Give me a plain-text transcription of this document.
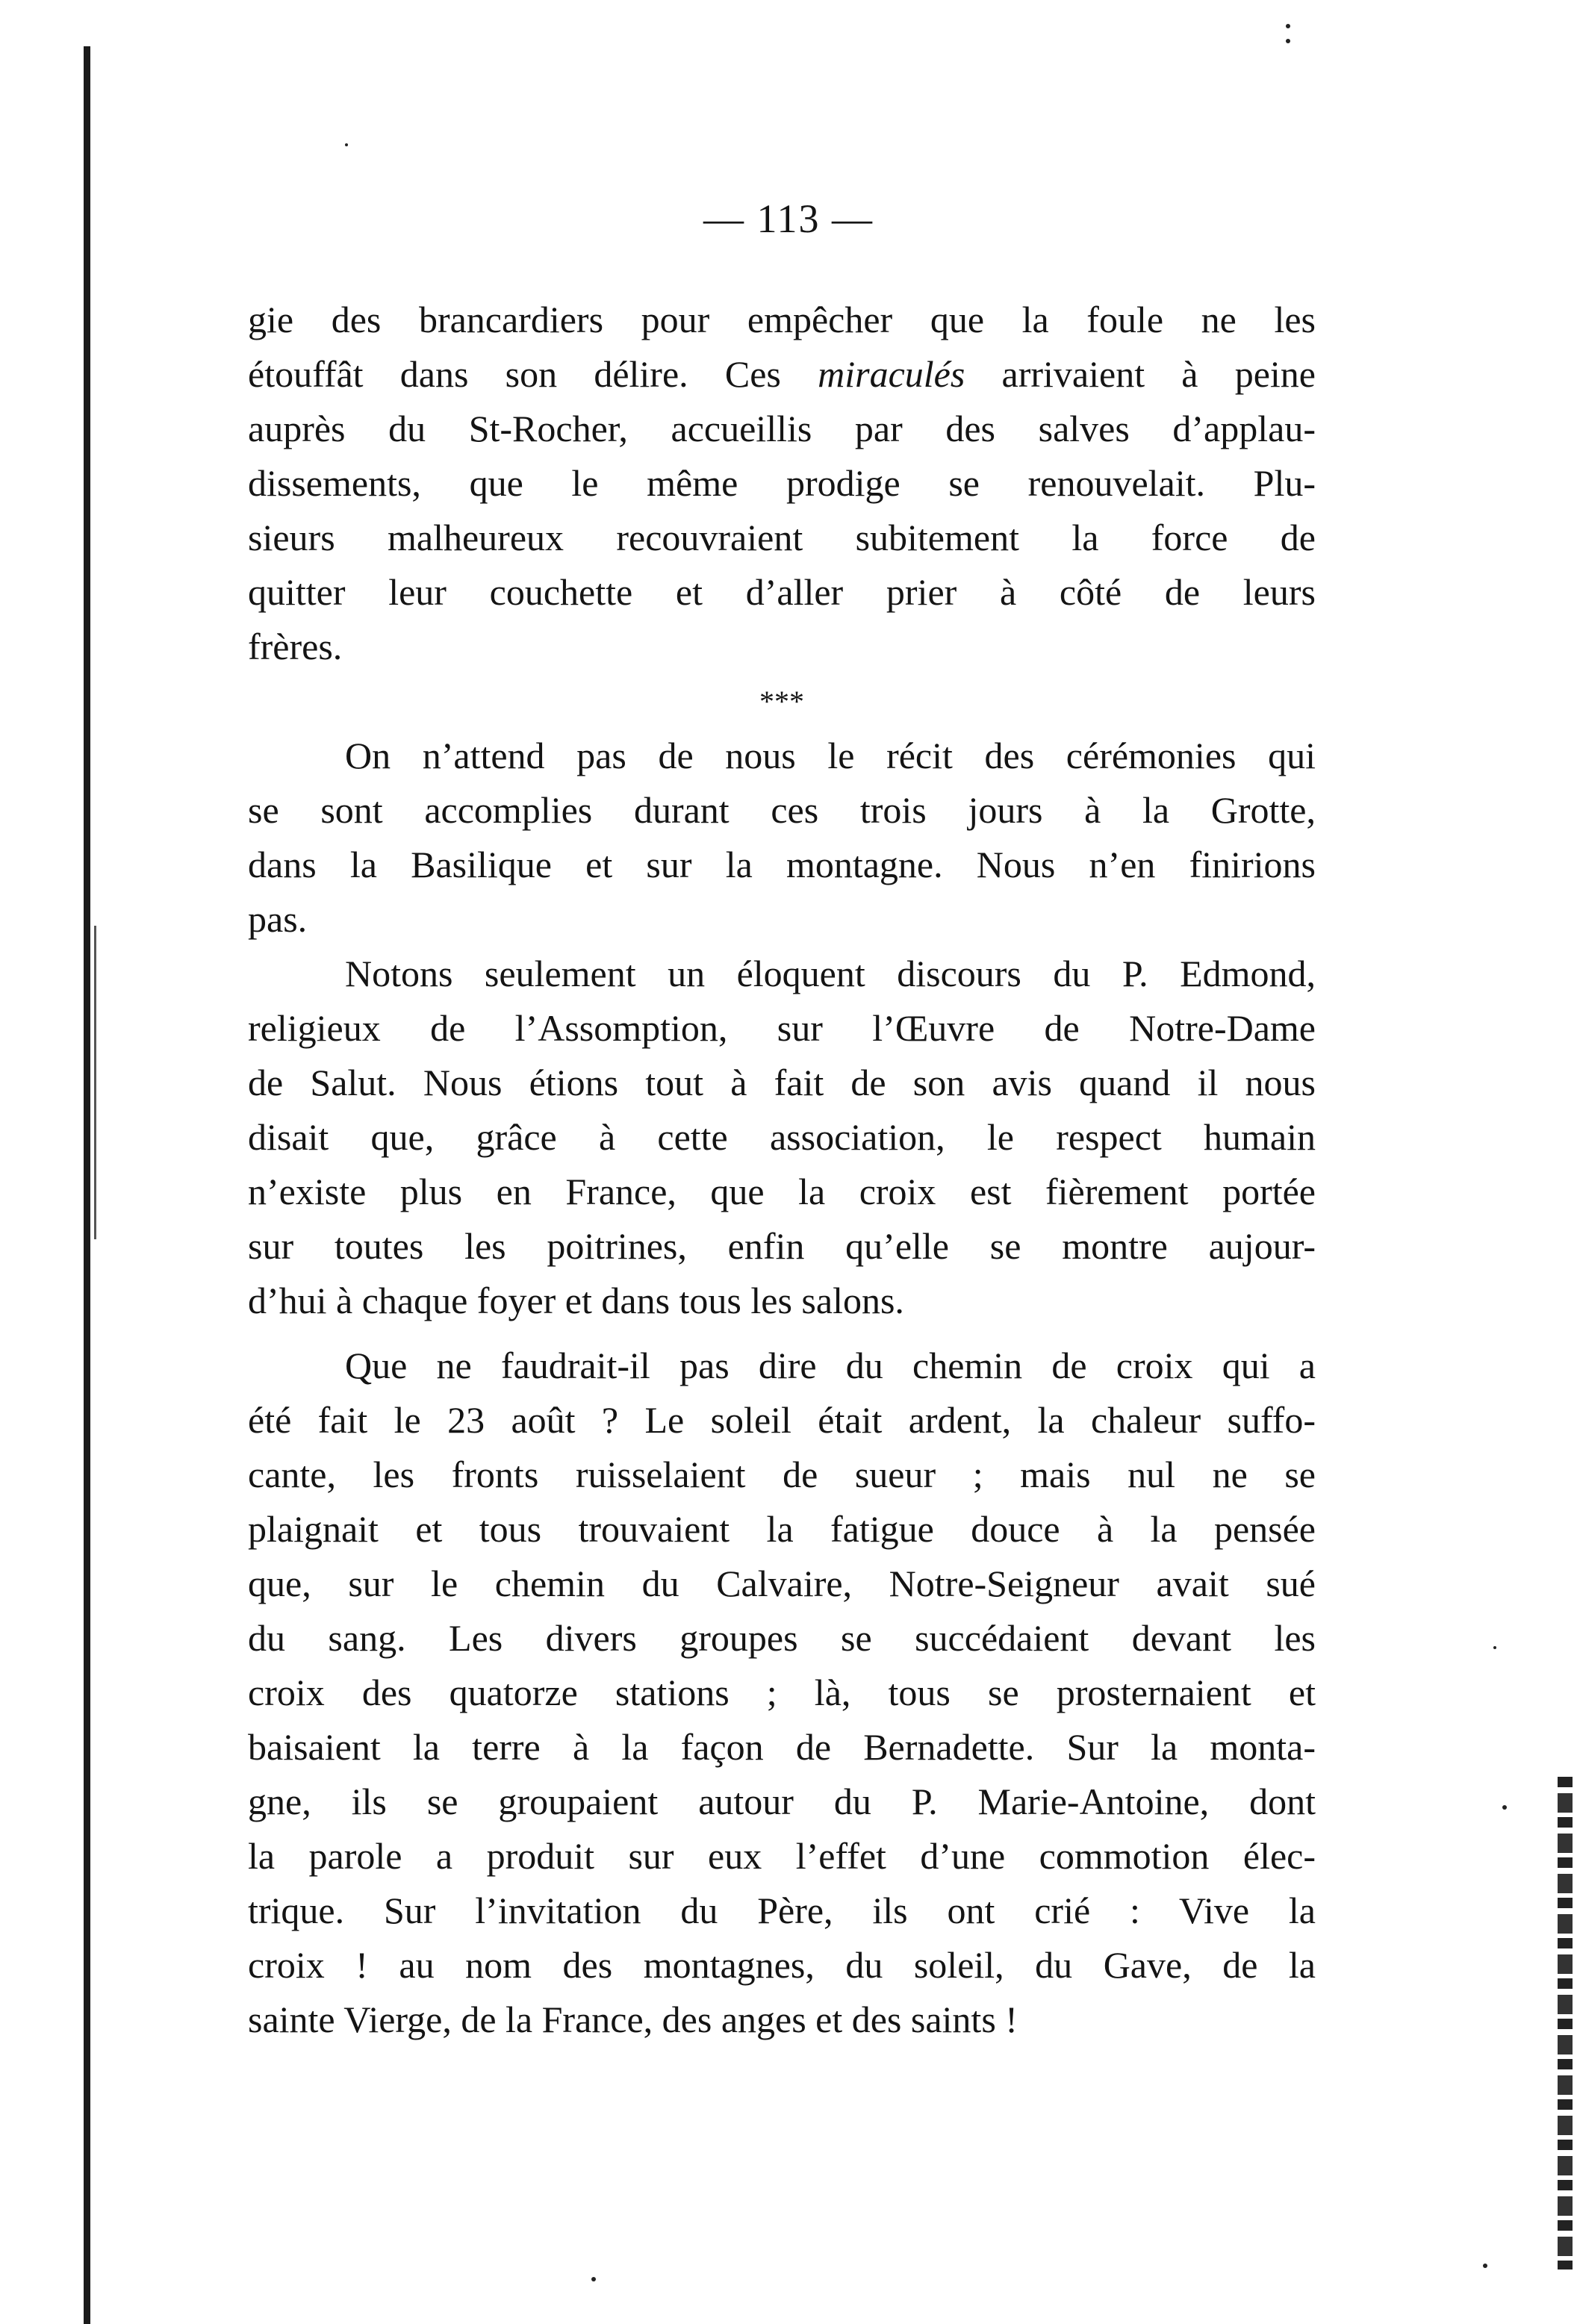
— 113 —
gie des brancardiers pour empêcher que la foule ne les
étouffât dans son délire. Ces miraculés arrivaient à peine
auprès du St-Rocher, accueillis par des salves d’applau-
dissements, que le même prodige se renouvelait. Plu-
sieurs malheureux recouvraient subitement la force de
quitter leur couchette et d’aller prier à côté de leurs
frères.
***
On n’attend pas de nous le récit des cérémonies qui
se sont accomplies durant ces trois jours à la Grotte,
dans la Basilique et sur la montagne. Nous n’en finirions
pas.
Notons seulement un éloquent discours du P. Edmond,
religieux de l’Assomption, sur l’Œuvre de Notre-Dame
de Salut. Nous étions tout à fait de son avis quand il nous
disait que, grâce à cette association, le respect humain
n’existe plus en France, que la croix est fièrement portée
sur toutes les poitrines, enfin qu’elle se montre aujour-
d’hui à chaque foyer et dans tous les salons.
Que ne faudrait-il pas dire du chemin de croix qui a
été fait le 23 août ? Le soleil était ardent, la chaleur suffo-
cante, les fronts ruisselaient de sueur ; mais nul ne se
plaignait et tous trouvaient la fatigue douce à la pensée
que, sur le chemin du Calvaire, Notre-Seigneur avait sué
du sang. Les divers groupes se succédaient devant les
croix des quatorze stations ; là, tous se prosternaient et
baisaient la terre à la façon de Bernadette. Sur la monta-
gne, ils se groupaient autour du P. Marie-Antoine, dont
la parole a produit sur eux l’effet d’une commotion élec-
trique. Sur l’invitation du Père, ils ont crié : Vive la
croix ! au nom des montagnes, du soleil, du Gave, de la
sainte Vierge, de la France, des anges et des saints !
